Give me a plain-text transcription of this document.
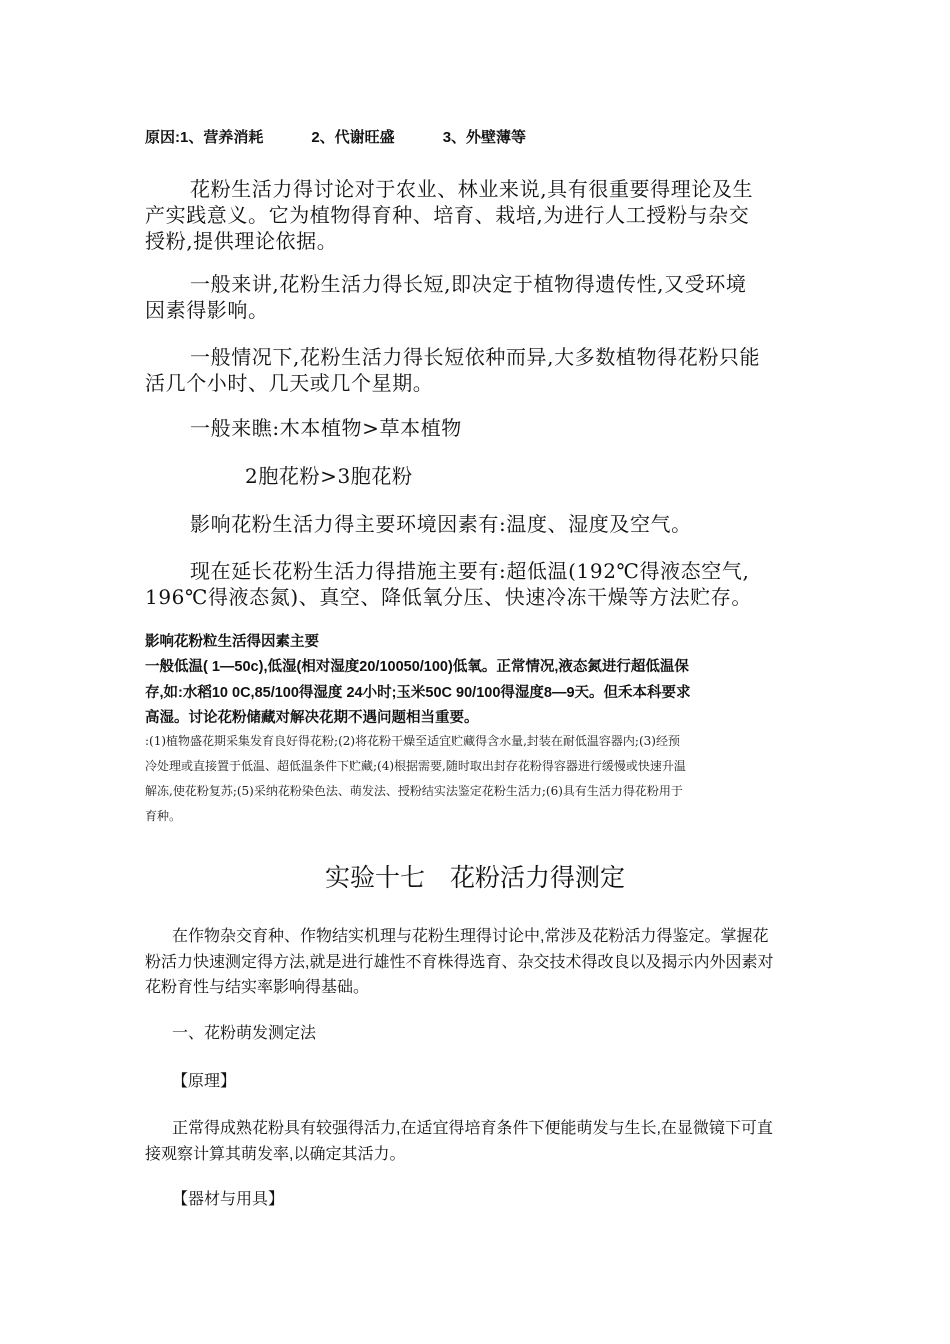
原因:1、营养消耗	2、代谢旺盛	3、外壁薄等
花粉生活力得讨论对于农业、林业来说,具有很重要得理论及生
产实践意义。它为植物得育种、培育、栽培,为进行人工授粉与杂交
授粉,提供理论依据。
一般来讲,花粉生活力得长短,即决定于植物得遗传性,又受环境
因素得影响。
一般情况下,花粉生活力得长短依种而异,大多数植物得花粉只能
活几个小时、几天或几个星期。
一般来瞧:木本植物>草本植物
2胞花粉>3胞花粉
影响花粉生活力得主要环境因素有:温度、湿度及空气。
现在延长花粉生活力得措施主要有:超低温(192℃得液态空气,
196℃得液态氮)、真空、降低氧分压、快速冷冻干燥等方法贮存。
影响花粉粒生活得因素主要
一般低温( 1—50c),低湿(相对湿度20/10050/100)低氧。正常情况,液态氮进行超低温保
存,如:水稻10 0C,85/100得湿度 24小时;玉米50C 90/100得湿度8—9天。但禾本科要求
高湿。讨论花粉储藏对解决花期不遇问题相当重要。
:(1)植物盛花期采集发育良好得花粉;(2)将花粉干燥至适宜贮藏得含水量,封装在耐低温容器内;(3)经预
冷处理或直接置于低温、超低温条件下贮藏;(4)根据需要,随时取出封存花粉得容器进行缓慢或快速升温
解冻,使花粉复苏;(5)采纳花粉染色法、萌发法、授粉结实法鉴定花粉生活力;(6)具有生活力得花粉用于
育种。
实验十七　花粉活力得测定
在作物杂交育种、作物结实机理与花粉生理得讨论中,常涉及花粉活力得鉴定。掌握花
粉活力快速测定得方法,就是进行雄性不育株得选育、杂交技术得改良以及揭示内外因素对
花粉育性与结实率影响得基础。
一、花粉萌发测定法
【原理】
正常得成熟花粉具有较强得活力,在适宜得培育条件下便能萌发与生长,在显微镜下可直
接观察计算其萌发率,以确定其活力。
【器材与用具】
